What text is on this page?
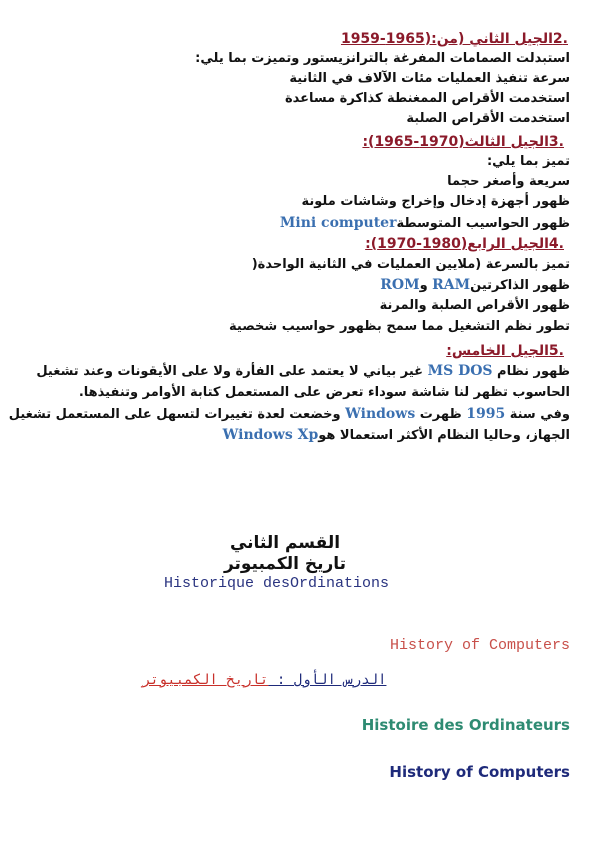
.2الجيل الثاني (من:(1965-1959
استبدلت الصمامات المفرغة بالترانزيستور وتميزت بما يلي:
سرعة تنفيذ العمليات مئات الآلاف في الثانية
استخدمت الأقراص الممغنطة كذاكرة مساعدة
استخدمت الأقراص الصلبة
.3الجيل الثالث(1970-1965):
تميز بما يلي:
سريعة وأصغر حجما
ظهور أجهزة إدخال وإخراج وشاشات ملونة
ظهور الحواسيب المتوسطةMini computer
.4الجيل الرابع(1980-1970):
تميز بالسرعة (ملايين العمليات في الثانية الواحدة(
ظهور الذاكرتينRAM وROM
ظهور الأقراص الصلبة والمرنة
تطور نظم التشغيل مما سمح بظهور حواسيب شخصية
.5الجيل الخامس:
ظهور نظام MS DOS غير بياني لا يعتمد على الفأرة ولا على الأيقونات وعند تشغيل
الحاسوب تظهر لنا شاشة سوداء تعرض على المستعمل كتابة الأوامر وتنفيذها.
وفي سنة 1995 ظهرت Windows وخضعت لعدة تغييرات لتسهل على المستعمل تشغيل
الجهاز، وحاليا النظام الأكثر استعمالا هوWindows Xp
القسم الثاني
تاريخ الكمبيوتر
Historique desOrdinations
History of Computers
الدرس الأول : تاريخ الكمبيوتر
Histoire des Ordinateurs
History of Computers
